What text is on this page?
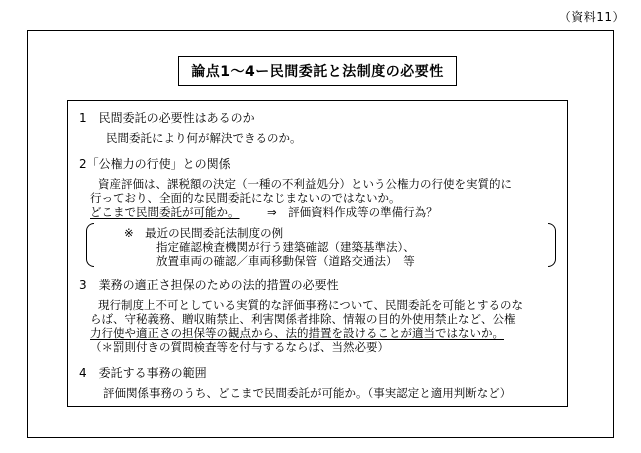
（資料11）
論点1～4ー民間委託と法制度の必要性
1　民間委託の必要性はあるのか
民間委託により何が解決できるのか。
2「公権力の行使」との関係
資産評価は、課税額の決定（一種の不利益処分）という公権力の行使を実質的に
行っており、全面的な民間委託になじまないのではないか。
どこまで民間委託が可能か。 ⇒　評価資料作成等の準備行為？
※　最近の民間委託法制度の例
指定確認検査機関が行う建築確認（建築基準法）、
放置車両の確認／車両移動保管（道路交通法）　等
3　業務の適正さ担保のための法的措置の必要性
現行制度上不可としている実質的な評価事務について、民間委託を可能とするのな
らば、守秘義務、贈収賄禁止、利害関係者排除、情報の目的外使用禁止など、公権
力行使や適正さの担保等の観点から、法的措置を設けることが適当ではないか。
（＊罰則付きの質問検査等を付与するならば、当然必要）
4　委託する事務の範囲
評価関係事務のうち、どこまで民間委託が可能か。（事実認定と適用判断など）
